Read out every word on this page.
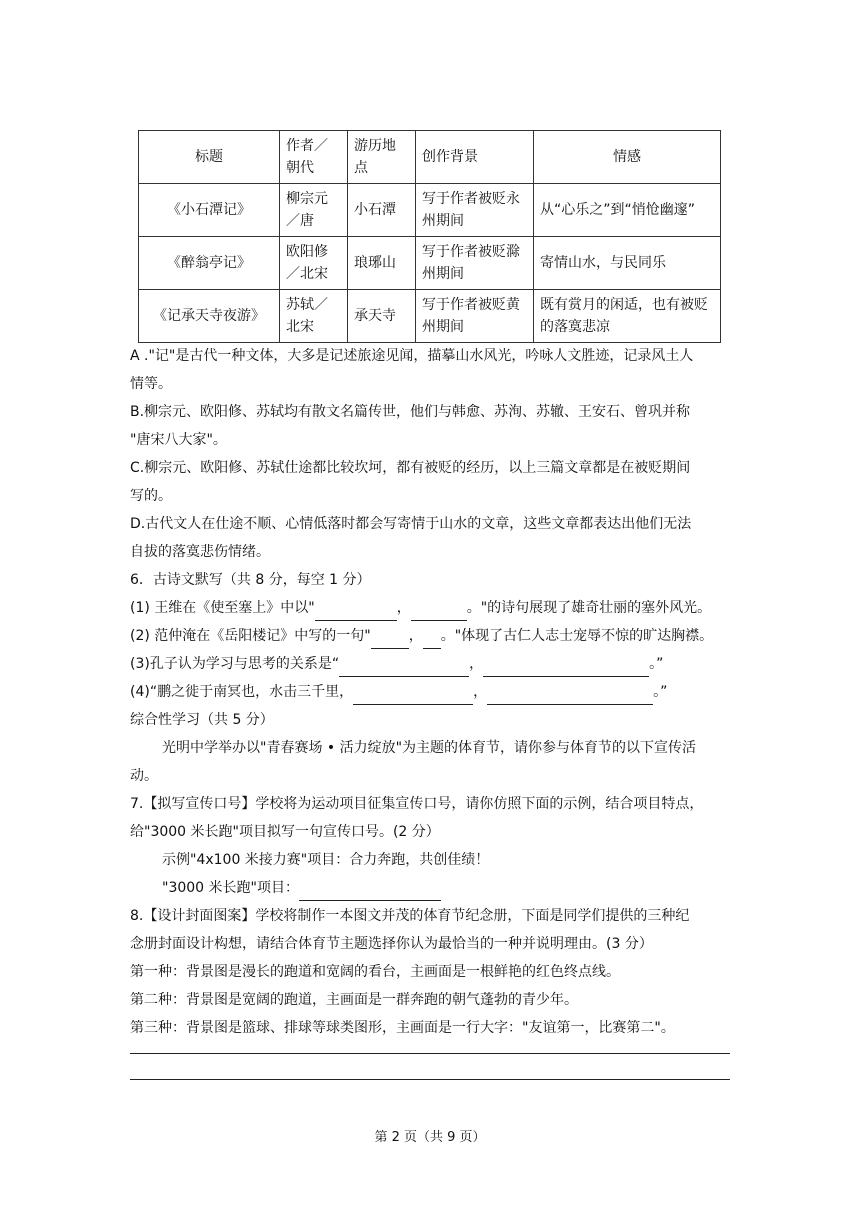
标题	作者／朝代	游历地点	创作背景	情感
《小石潭记》	柳宗元／唐	小石潭	写于作者被贬永州期间	从“心乐之”到“悄怆幽邃”
《醉翁亭记》	欧阳修／北宋	琅琊山	写于作者被贬滁州期间	寄情山水，与民同乐
《记承天寺夜游》	苏轼／北宋	承天寺	写于作者被贬黄州期间	既有赏月的闲适，也有被贬的落寞悲凉
A ."记"是古代一种文体，大多是记述旅途见闻，描摹山水风光，吟咏人文胜迹，记录风土人
情等。
B.柳宗元、欧阳修、苏轼均有散文名篇传世，他们与韩愈、苏洵、苏辙、王安石、曾巩并称
"唐宋八大家"。
C.柳宗元、欧阳修、苏轼仕途都比较坎坷，都有被贬的经历，以上三篇文章都是在被贬期间
写的。
D.古代文人在仕途不顺、心情低落时都会写寄情于山水的文章，这些文章都表达出他们无法
自拔的落寞悲伤情绪。
6．古诗文默写（共 8 分，每空 1 分）
(1) 王维在《使至塞上》中以"	，	。"的诗句展现了雄奇壮丽的塞外风光。
(2) 范仲淹在《岳阳楼记》中写的一句"	， 。"体现了古仁人志士宠辱不惊的旷达胸襟。
(3)孔子认为学习与思考的关系是“	，	。”
(4)“鹏之徙于南冥也，水击三千里，	，	。”
综合性学习（共 5 分）
光明中学举办以"青春赛场 • 活力绽放"为主题的体育节，请你参与体育节的以下宣传活
动。
7.【拟写宣传口号】学校将为运动项目征集宣传口号，请你仿照下面的示例，结合项目特点，
给"3000 米长跑"项目拟写一句宣传口号。(2 分）
示例"4x100 米接力赛"项目：合力奔跑，共创佳绩！
"3000 米长跑"项目：
8.【设计封面图案】学校将制作一本图文并茂的体育节纪念册，下面是同学们提供的三种纪
念册封面设计构想，请结合体育节主题选择你认为最恰当的一种并说明理由。(3 分）
第一种：背景图是漫长的跑道和宽阔的看台，主画面是一根鲜艳的红色终点线。
第二种：背景图是宽阔的跑道，主画面是一群奔跑的朝气蓬勃的青少年。
第三种：背景图是篮球、排球等球类图形，主画面是一行大字："友谊第一，比赛第二"。
第 2 页（共 9 页）
